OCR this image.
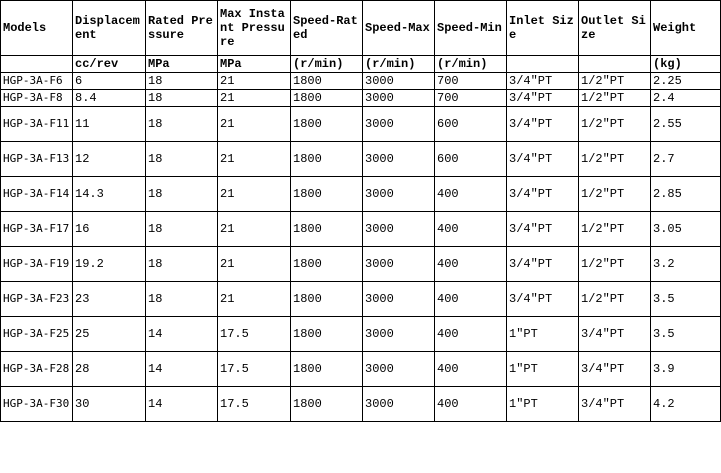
Models	Displacement	Rated Pressure	Max Instant Pressure	Speed-Rated	Speed-Max	Speed-Min	Inlet Size	Outlet Size	Weight
	cc/rev	MPa	MPa	(r/min)	(r/min)	(r/min)			(kg)
HGP-3A-F6	6	18	21	1800	3000	700	3/4″PT	1/2″PT	2.25
HGP-3A-F8	8.4	18	21	1800	3000	700	3/4″PT	1/2″PT	2.4
HGP-3A-F11	11	18	21	1800	3000	600	3/4″PT	1/2″PT	2.55
HGP-3A-F13	12	18	21	1800	3000	600	3/4″PT	1/2″PT	2.7
HGP-3A-F14	14.3	18	21	1800	3000	400	3/4″PT	1/2″PT	2.85
HGP-3A-F17	16	18	21	1800	3000	400	3/4″PT	1/2″PT	3.05
HGP-3A-F19	19.2	18	21	1800	3000	400	3/4″PT	1/2″PT	3.2
HGP-3A-F23	23	18	21	1800	3000	400	3/4″PT	1/2″PT	3.5
HGP-3A-F25	25	14	17.5	1800	3000	400	1″PT	3/4″PT	3.5
HGP-3A-F28	28	14	17.5	1800	3000	400	1″PT	3/4″PT	3.9
HGP-3A-F30	30	14	17.5	1800	3000	400	1″PT	3/4″PT	4.2
